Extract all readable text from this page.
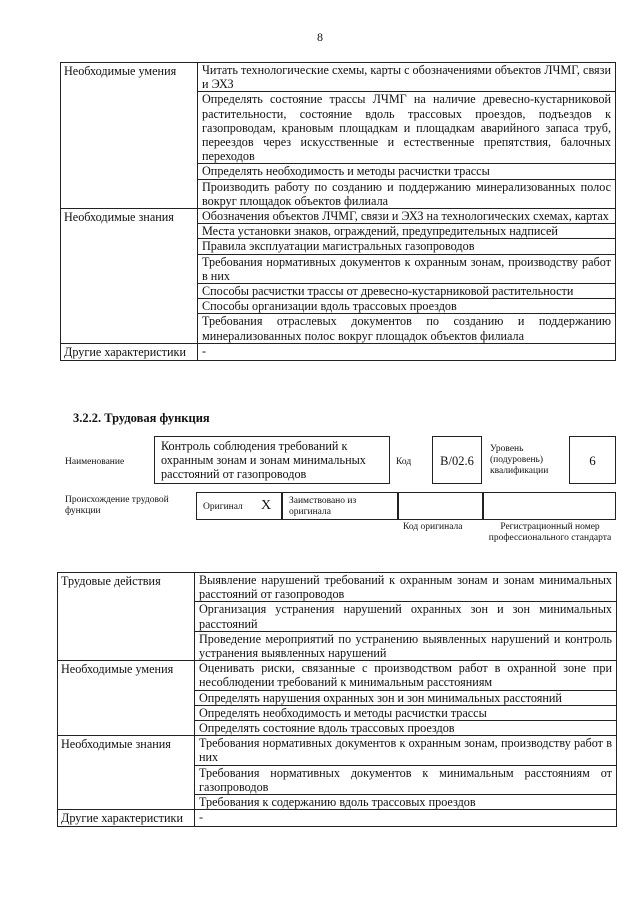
8
Необходимые умения	Читать технологические схемы, карты с обозначениями объектов ЛЧМГ, связи и ЭХЗ
	Определять состояние трассы ЛЧМГ на наличие древесно-кустарниковой растительности, состояние вдоль трассовых проездов, подъездов к газопроводам, крановым площадкам и площадкам аварийного запаса труб, переездов через искусственные и естественные препятствия, балочных переходов
	Определять необходимость и методы расчистки трассы
	Производить работу по созданию и поддержанию минерализованных полос вокруг площадок объектов филиала
Необходимые знания	Обозначения объектов ЛЧМГ, связи и ЭХЗ на технологических схемах, картах
	Места установки знаков, ограждений, предупредительных надписей
	Правила эксплуатации магистральных газопроводов
	Требования нормативных документов к охранным зонам, производству работ в них
	Способы расчистки трассы от древесно-кустарниковой растительности
	Способы организации вдоль трассовых проездов
	Требования отраслевых документов по созданию и поддержанию минерализованных полос вокруг площадок объектов филиала
Другие характеристики	-
3.2.2. Трудовая функция
Наименование
Контроль соблюдения требований к охранным зонам и зонам минимальных расстояний от газопроводов
Код	В/02.6
Уровень (подуровень) квалификации
6
Происхождение трудовой функции	Оригинал Х Заимствовано из оригинала
Код оригинала	Регистрационный номер профессионального стандарта
Трудовые действия	Выявление нарушений требований к охранным зонам и зонам минимальных расстояний от газопроводов
	Организация устранения нарушений охранных зон и зон минимальных расстояний
	Проведение мероприятий по устранению выявленных нарушений и контроль устранения выявленных нарушений
Необходимые умения	Оценивать риски, связанные с производством работ в охранной зоне при несоблюдении требований к минимальным расстояниям
	Определять нарушения охранных зон и зон минимальных расстояний
	Определять необходимость и методы расчистки трассы
	Определять состояние вдоль трассовых проездов
Необходимые знания	Требования нормативных документов к охранным зонам, производству работ в них
	Требования нормативных документов к минимальным расстояниям от газопроводов
	Требования к содержанию вдоль трассовых проездов
Другие характеристики	-
